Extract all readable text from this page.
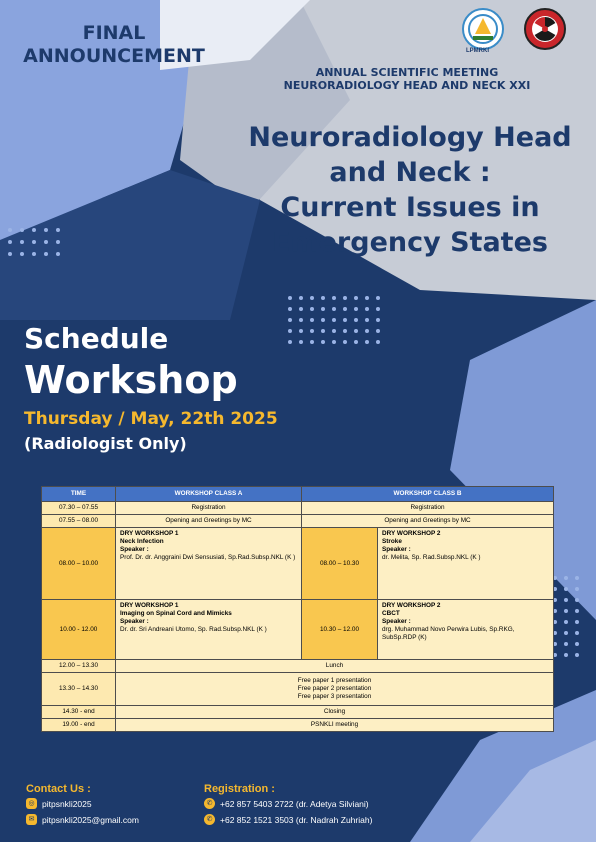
FINAL
ANNOUNCEMENT	LPMRKI
ANNUAL SCIENTIFIC MEETING
NEURORADIOLOGY HEAD AND NECK XXI
Neuroradiology Head
and Neck :
Current Issues in
Emergency States
Schedule
Workshop
Thursday / May, 22th 2025
(Radiologist Only)
TIME	WORKSHOP CLASS A	WORKSHOP CLASS B	
07.30 – 07.55	Registration	Registration	
07.55 – 08.00	Opening and Greetings by MC	Opening and Greetings by MC	
08.00 – 10.00	DRY WORKSHOP 1
Neck Infection
Speaker :
Prof. Dr. dr. Anggraini Dwi Sensusiati, Sp.Rad.Subsp.NKL (K )	08.00 – 10.30	DRY WORKSHOP 2
Stroke
Speaker :
dr. Melita, Sp. Rad.Subsp.NKL (K )
10.00 - 12.00	DRY WORKSHOP 1
Imaging on Spinal Cord and Mimicks
Speaker :
Dr. dr. Sri Andreani Utomo, Sp. Rad.Subsp.NKL (K )	10.30 – 12.00	DRY WORKSHOP 2
CBCT
Speaker :
drg. Muhammad Novo Perwira Lubis, Sp.RKG, SubSp.RDP (K)
12.00 – 13.30	Lunch		
13.30 – 14.30	Free paper 1 presentation
Free paper 2 presentation
Free paper 3 presentation		

14.30 - end	Closing		
19.00 - end	PSNKLI meeting		
Contact Us :
◎ pitpsnkli2025
✉ pitpsnkli2025@gmail.com
Registration :
✆ +62 857 5403 2722 (dr. Adetya Silviani)
✆ +62 852 1521 3503 (dr. Nadrah Zuhriah)
